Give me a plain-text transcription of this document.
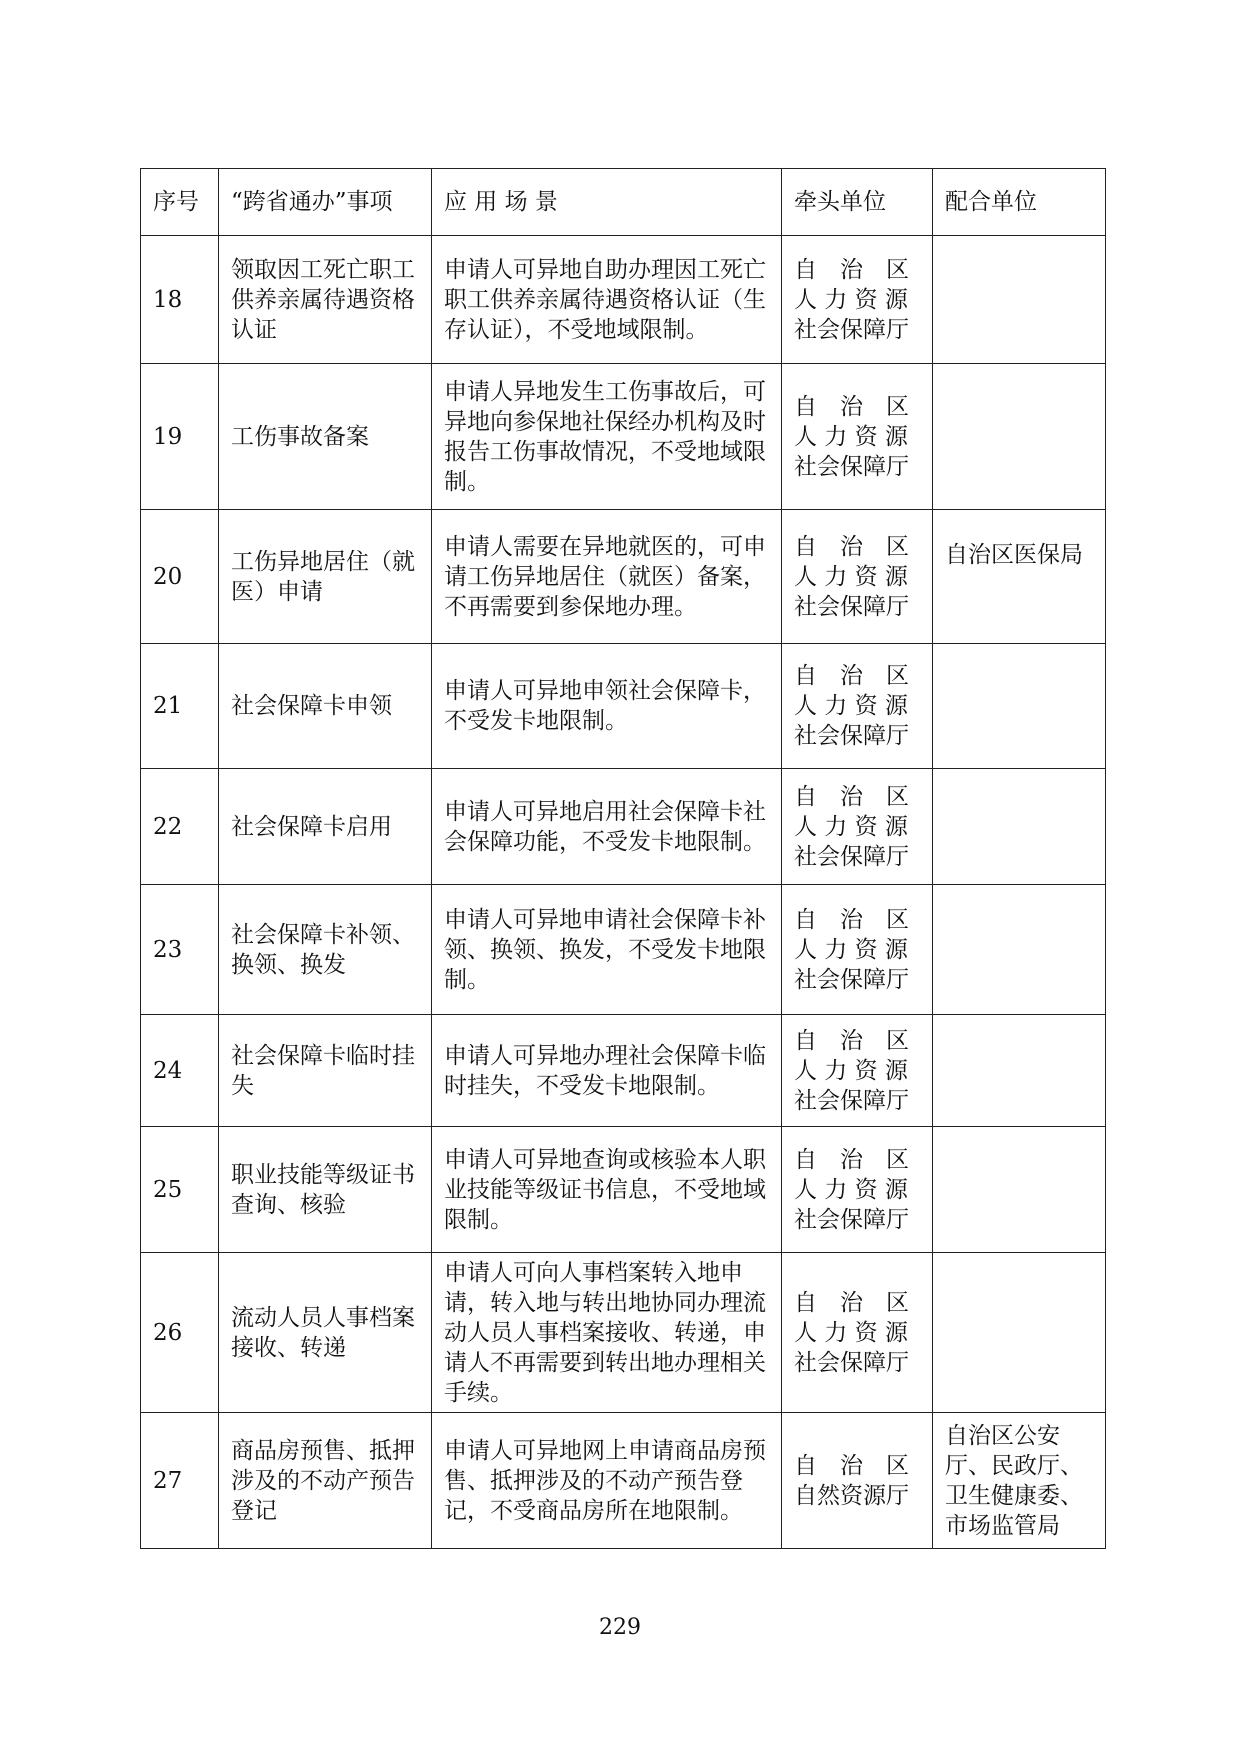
序号	“跨省通办”事项	应 用 场 景	牵头单位	配合单位
18	领取因工死亡职工供养亲属待遇资格认证	申请人可异地自助办理因工死亡职工供养亲属待遇资格认证（生存认证），不受地域限制。	自　治　区
人 力 资 源
社会保障厅	

19	工伤事故备案	申请人异地发生工伤事故后，可异地向参保地社保经办机构及时报告工伤事故情况，不受地域限制。	自　治　区
人 力 资 源
社会保障厅	

20	工伤异地居住（就医）申请	申请人需要在异地就医的，可申请工伤异地居住（就医）备案，不再需要到参保地办理。	自　治　区
人 力 资 源
社会保障厅	自治区医保局
21	社会保障卡申领	申请人可异地申领社会保障卡，不受发卡地限制。	自　治　区
人 力 资 源
社会保障厅	

22	社会保障卡启用	申请人可异地启用社会保障卡社会保障功能，不受发卡地限制。	自　治　区
人 力 资 源
社会保障厅	

23	社会保障卡补领、换领、换发	申请人可异地申请社会保障卡补领、换领、换发，不受发卡地限制。	自　治　区
人 力 资 源
社会保障厅	

24	社会保障卡临时挂失	申请人可异地办理社会保障卡临时挂失，不受发卡地限制。	自　治　区
人 力 资 源
社会保障厅	

25	职业技能等级证书查询、核验	申请人可异地查询或核验本人职业技能等级证书信息，不受地域限制。	自　治　区
人 力 资 源
社会保障厅	

26	流动人员人事档案接收、转递	申请人可向人事档案转入地申请，转入地与转出地协同办理流动人员人事档案接收、转递，申请人不再需要到转出地办理相关手续。	自　治　区
人 力 资 源
社会保障厅	

27	商品房预售、抵押涉及的不动产预告登记	申请人可异地网上申请商品房预售、抵押涉及的不动产预告登记，不受商品房所在地限制。	自　治　区
自然资源厅	自治区公安厅、民政厅、卫生健康委、市场监管局
229
